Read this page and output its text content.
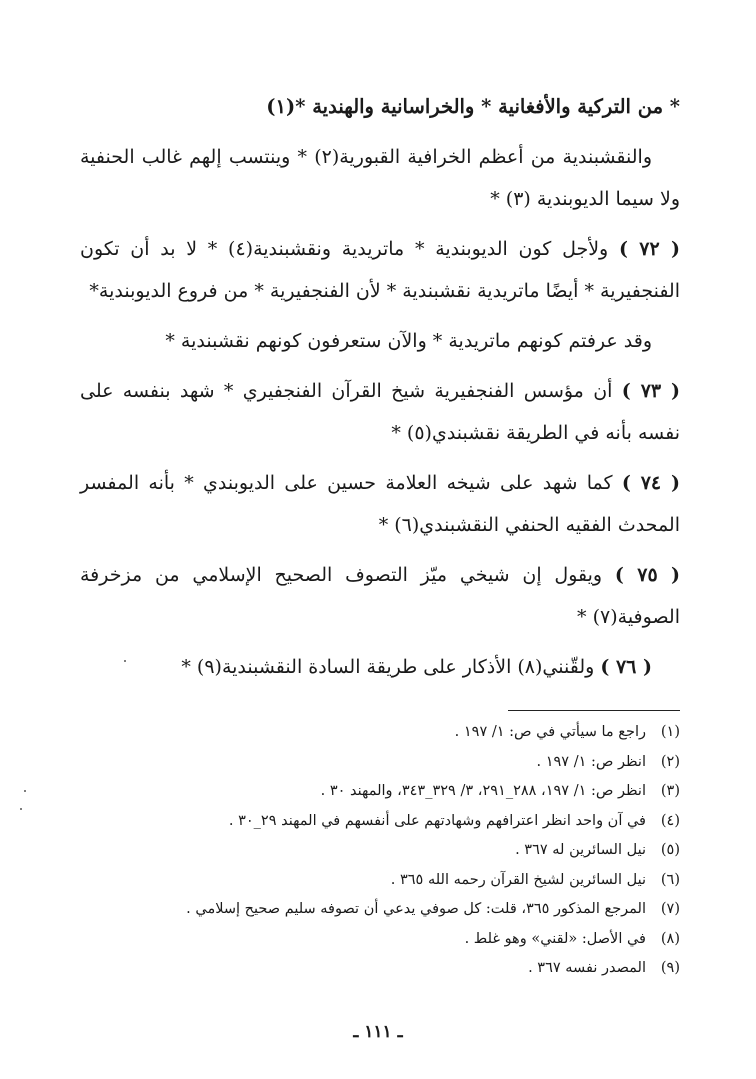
* من التركية والأفغانية * والخراسانية والهندية *(١)

والنقشبندية من أعظم الخرافية القبورية(٢) * وينتسب إلهم غالب الحنفية ولا سيما الديوبندية (٣) *

( ٧٢ ) ولأجل كون الديوبندية * ماتريدية ونقشبندية(٤) * لا بد أن تكون الفنجفيرية * أيضًا ماتريدية نقشبندية * لأن الفنجفيرية * من فروع الديوبندية*

وقد عرفتم كونهم ماتريدية * والآن ستعرفون كونهم نقشبندية *

( ٧٣ ) أن مؤسس الفنجفيرية شيخ القرآن الفنجفيري * شهد بنفسه على نفسه بأنه في الطريقة نقشبندي(٥) *

( ٧٤ ) كما شهد على شيخه العلامة حسين على الديوبندي * بأنه المفسر المحدث الفقيه الحنفي النقشبندي(٦) *

( ٧٥ ) ويقول إن شيخي ميّز التصوف الصحيح الإسلامي من مزخرفة الصوفية(٧) *

( ٧٦ ) ولقّنني(٨) الأذكار على طريقة السادة النقشبندية(٩) *

(١)راجع ما سيأتي في ص: ١/ ١٩٧ .
(٢)انظر ص: ١/ ١٩٧ .
(٣)انظر ص: ١/ ١٩٧، ٢٨٨_٢٩١، ٣/ ٣٢٩_٣٤٣، والمهند ٣٠ .
(٤)في آن واحد انظر اعترافهم وشهادتهم على أنفسهم في المهند ٢٩_٣٠ .
(٥)نيل السائرين له ٣٦٧ .
(٦)نيل السائرين لشيخ القرآن رحمه الله ٣٦٥ .
(٧)المرجع المذكور ٣٦٥، قلت: كل صوفي يدعي أن تصوفه سليم صحيح إسلامي .
(٨)في الأصل: «لقني» وهو غلط .
(٩)المصدر نفسه ٣٦٧ .
ـ ١١١ ـ
